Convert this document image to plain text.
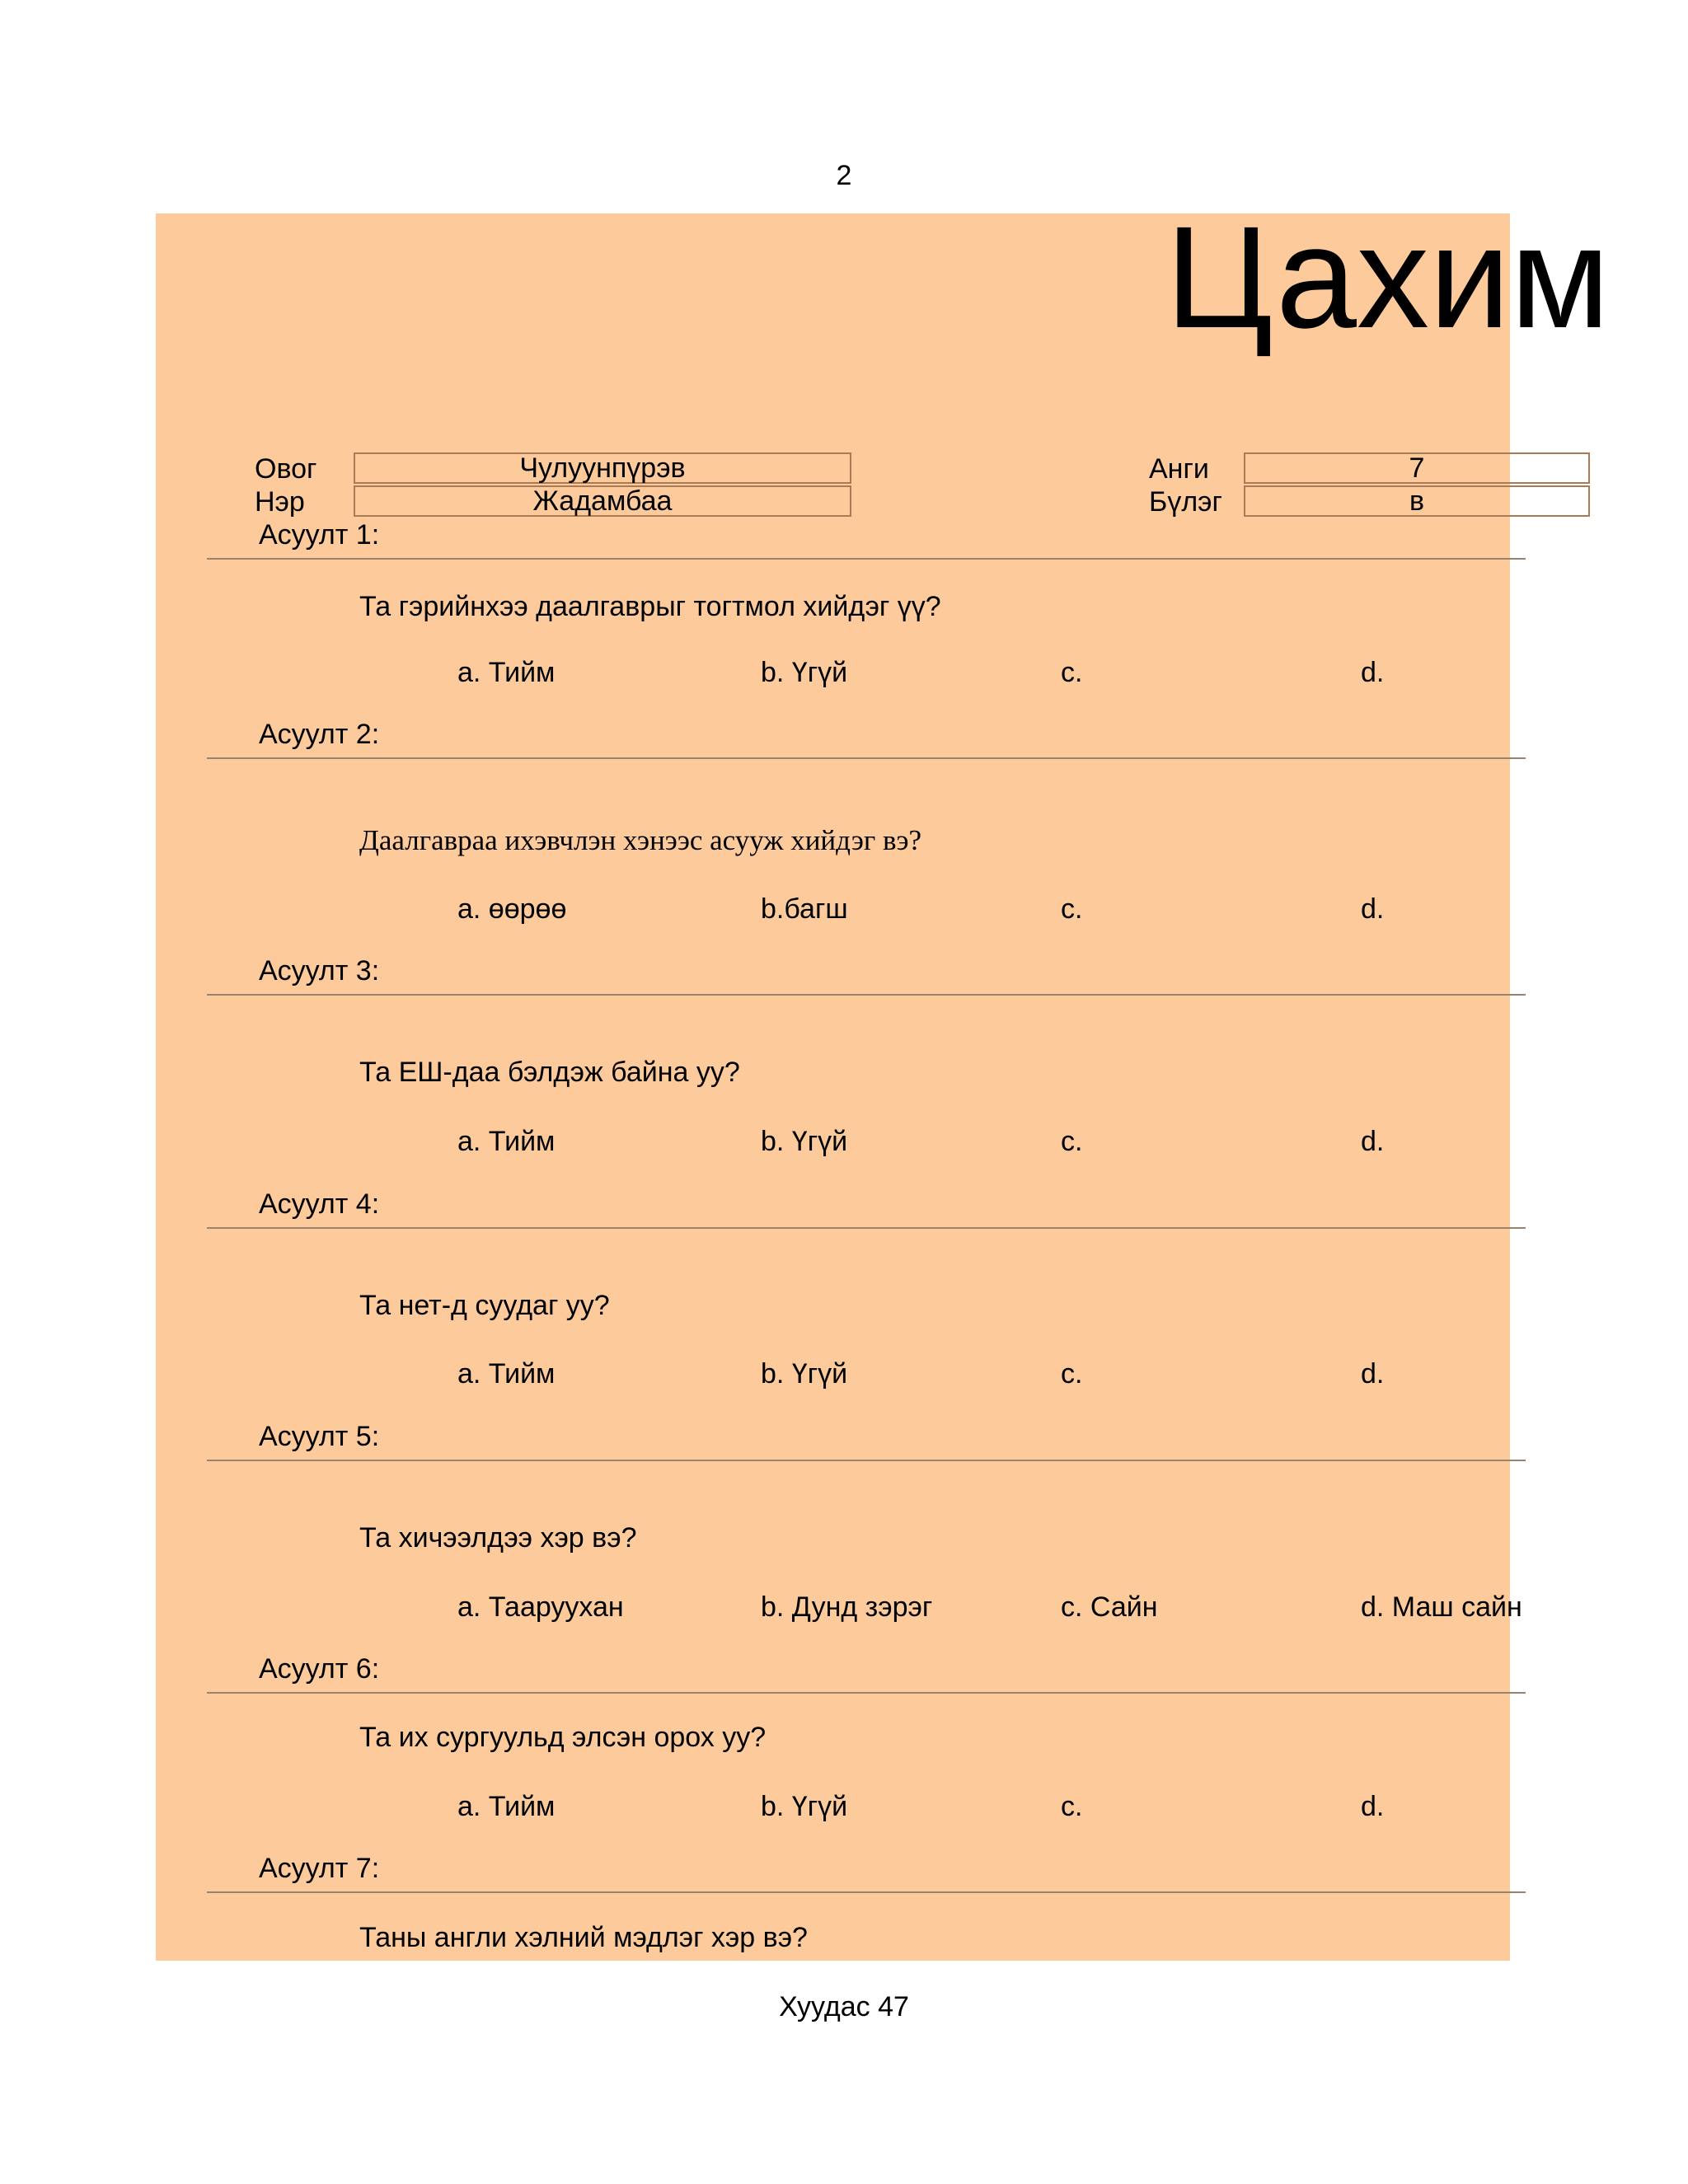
2
Цахим
Овог	Чулуунпүрэв
Нэр	Жадамбаа
Анги	7
Бүлэг	в
Асуулт 1:
Та гэрийнхээ даалгаврыг тогтмол хийдэг үү?
a. Тийм	b. Үгүй	c.	d.
Асуулт 2:
Даалгавраа ихэвчлэн хэнээс асууж хийдэг вэ?
a. өөрөө	b.багш	c.	d.
Асуулт 3:
Та ЕШ-даа бэлдэж байна уу?
a. Тийм	b. Үгүй	c.	d.
Асуулт 4:
Та нет-д суудаг уу?
a. Тийм	b. Үгүй	c.	d.
Асуулт 5:
Та хичээлдээ хэр вэ?
a. Тааруухан	b. Дунд зэрэг	c. Сайн	d. Маш сайн
Асуулт 6:
Та их сургуульд элсэн орох уу?
a. Тийм	b. Үгүй	c.	d.
Асуулт 7:
Таны англи хэлний мэдлэг хэр вэ?
Хуудас 47
